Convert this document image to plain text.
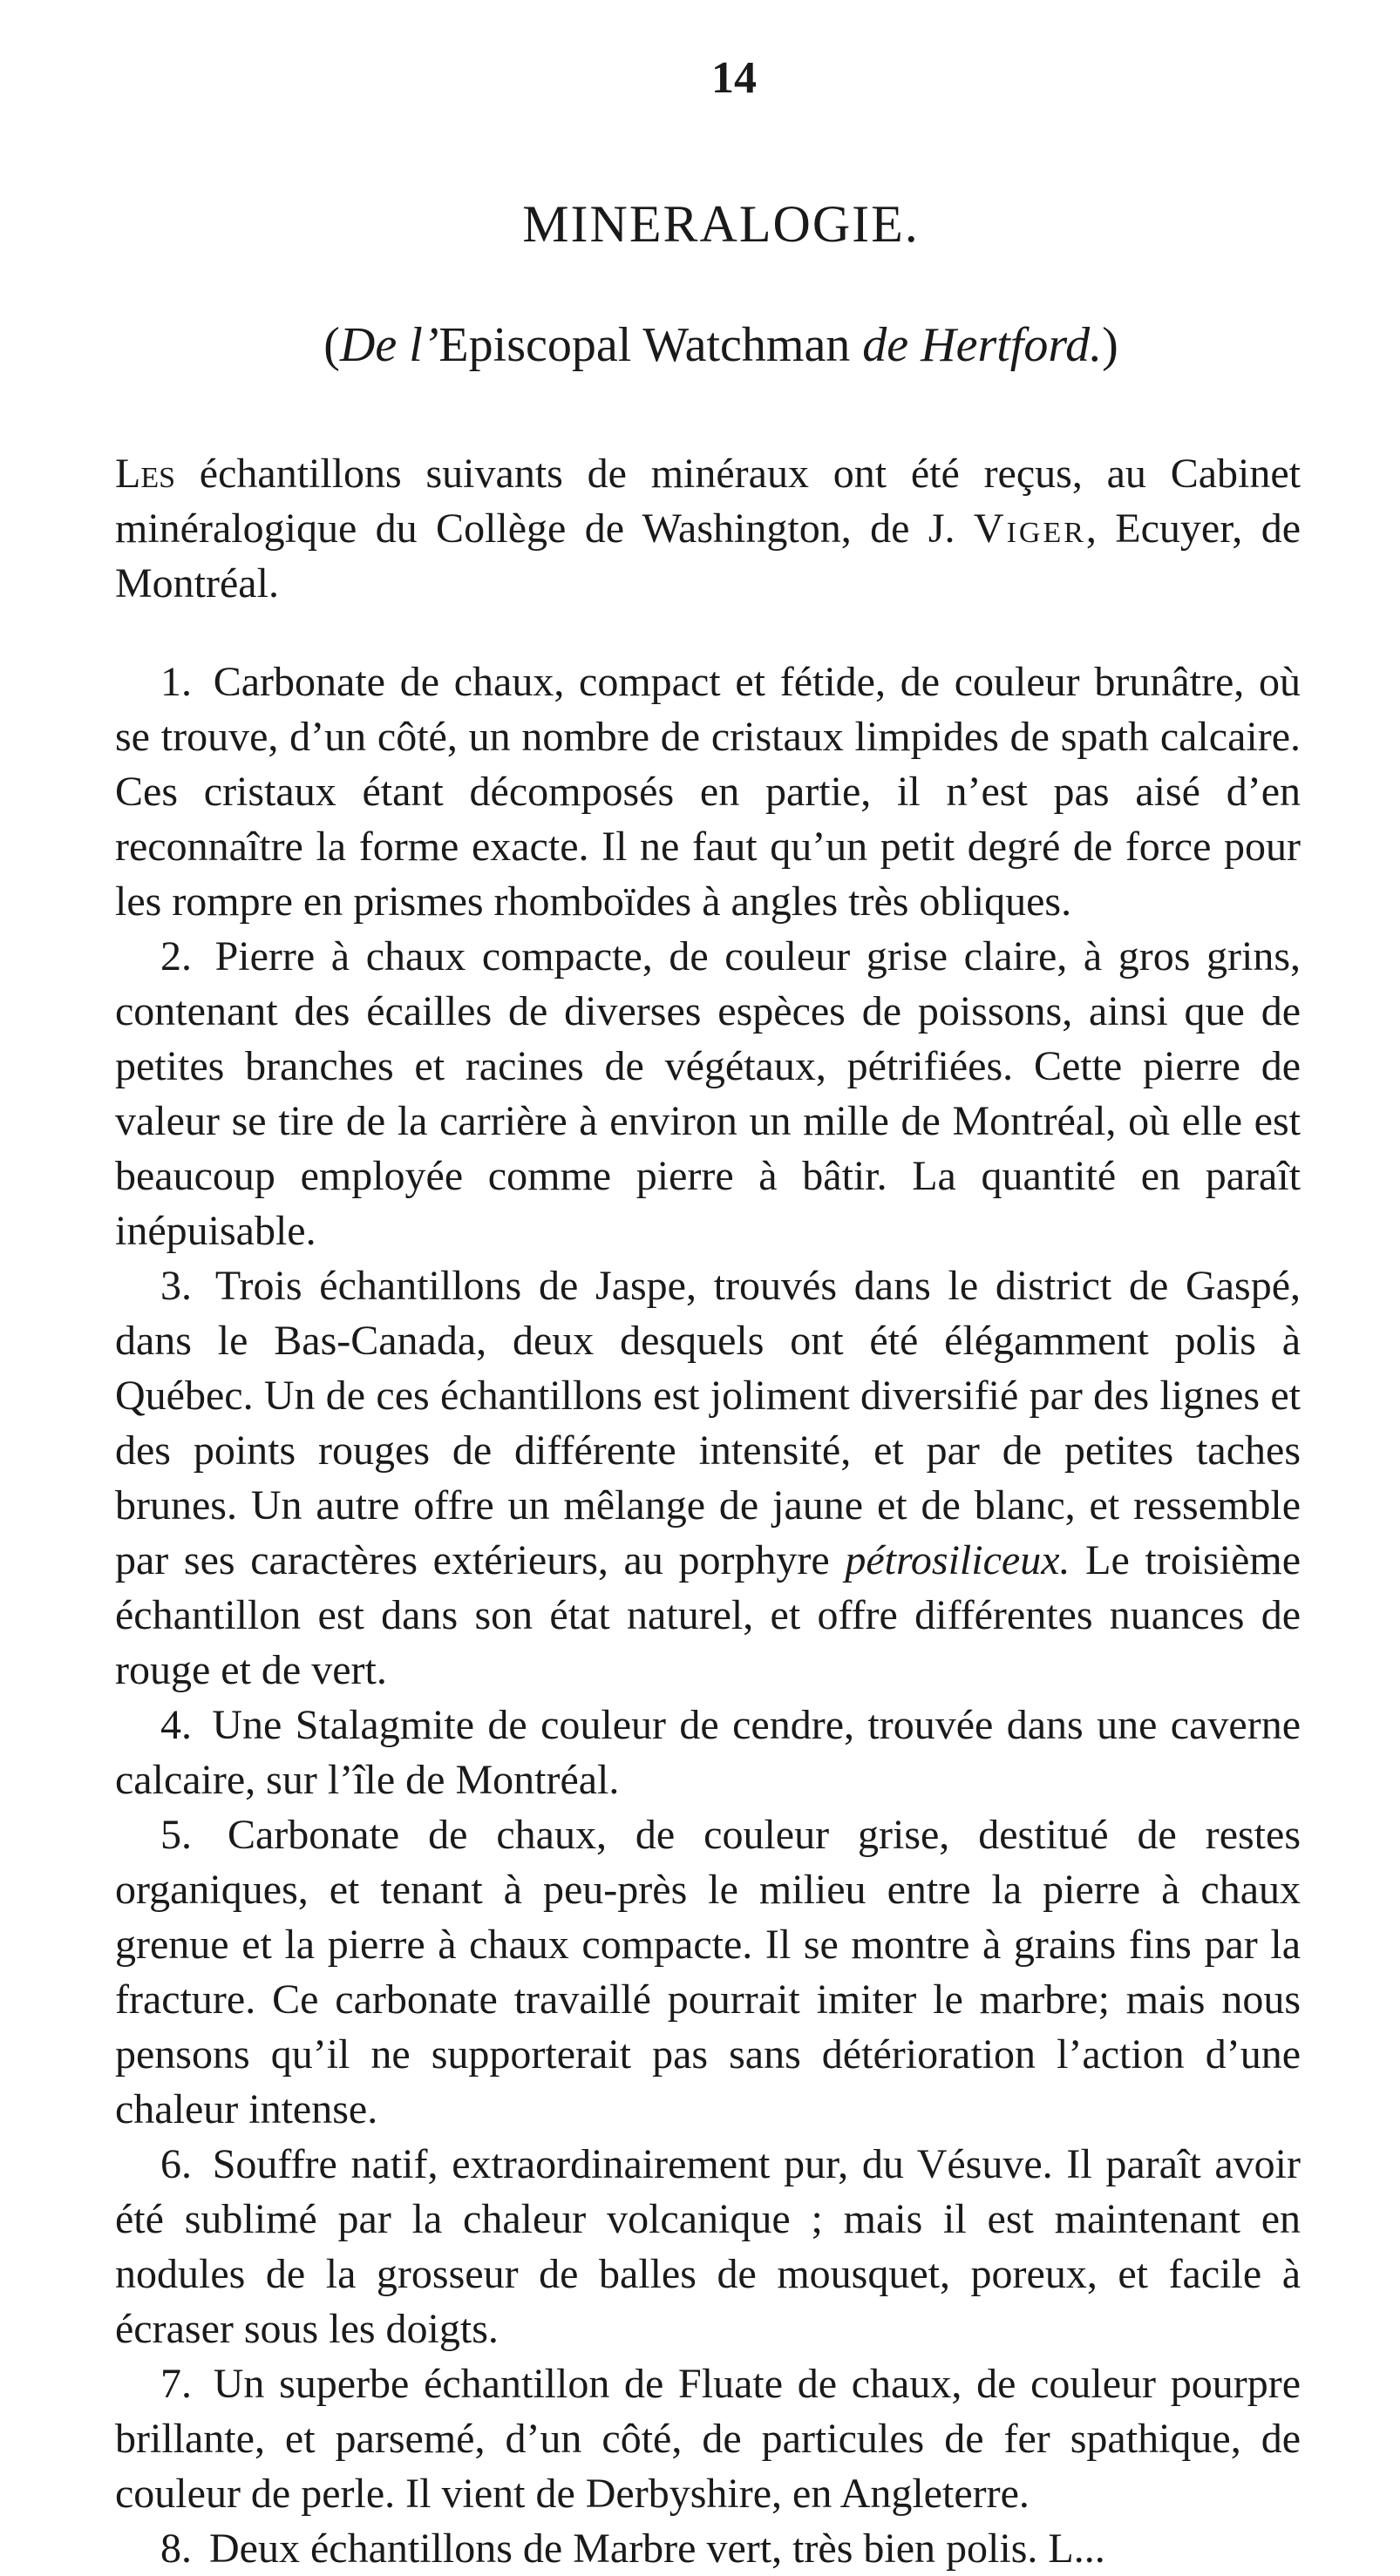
14
MINERALOGIE.
(De l’Episcopal Watchman de Hertford.)

Les échantillons suivants de minéraux ont été reçus, au Cabinet minéralogique du Collège de Washington, de J. Viger, Ecuyer, de Montréal.

1. Carbonate de chaux, compact et fétide, de couleur brunâtre, où se trouve, d’un côté, un nombre de cristaux limpides de spath calcaire. Ces cristaux étant décomposés en partie, il n’est pas aisé d’en reconnaître la forme exacte. Il ne faut qu’un petit degré de force pour les rompre en prismes rhomboïdes à angles très obliques.

2. Pierre à chaux compacte, de couleur grise claire, à gros grins, contenant des écailles de diverses espèces de poissons, ainsi que de petites branches et racines de végétaux, pétrifiées. Cette pierre de valeur se tire de la carrière à environ un mille de Montréal, où elle est beaucoup employée comme pierre à bâtir. La quantité en paraît inépuisable.

3. Trois échantillons de Jaspe, trouvés dans le district de Gaspé, dans le Bas-Canada, deux desquels ont été élégamment polis à Québec. Un de ces échantillons est joliment diversifié par des lignes et des points rouges de différente intensité, et par de petites taches brunes. Un autre offre un mêlange de jaune et de blanc, et ressemble par ses caractères extérieurs, au porphyre pétrosiliceux. Le troisième échantillon est dans son état naturel, et offre différentes nuances de rouge et de vert.

4. Une Stalagmite de couleur de cendre, trouvée dans une caverne calcaire, sur l’île de Montréal.

5. Carbonate de chaux, de couleur grise, destitué de restes organiques, et tenant à peu-près le milieu entre la pierre à chaux grenue et la pierre à chaux compacte. Il se montre à grains fins par la fracture. Ce carbonate travaillé pourrait imiter le marbre; mais nous pensons qu’il ne supporterait pas sans détérioration l’action d’une chaleur intense.

6. Souffre natif, extraordinairement pur, du Vésuve. Il paraît avoir été sublimé par la chaleur volcanique ; mais il est maintenant en nodules de la grosseur de balles de mousquet, poreux, et facile à écraser sous les doigts.

7. Un superbe échantillon de Fluate de chaux, de couleur pourpre brillante, et parsemé, d’un côté, de particules de fer spathique, de couleur de perle. Il vient de Derbyshire, en Angleterre.

8. Deux échantillons de Marbre vert, très bien polis. L...
